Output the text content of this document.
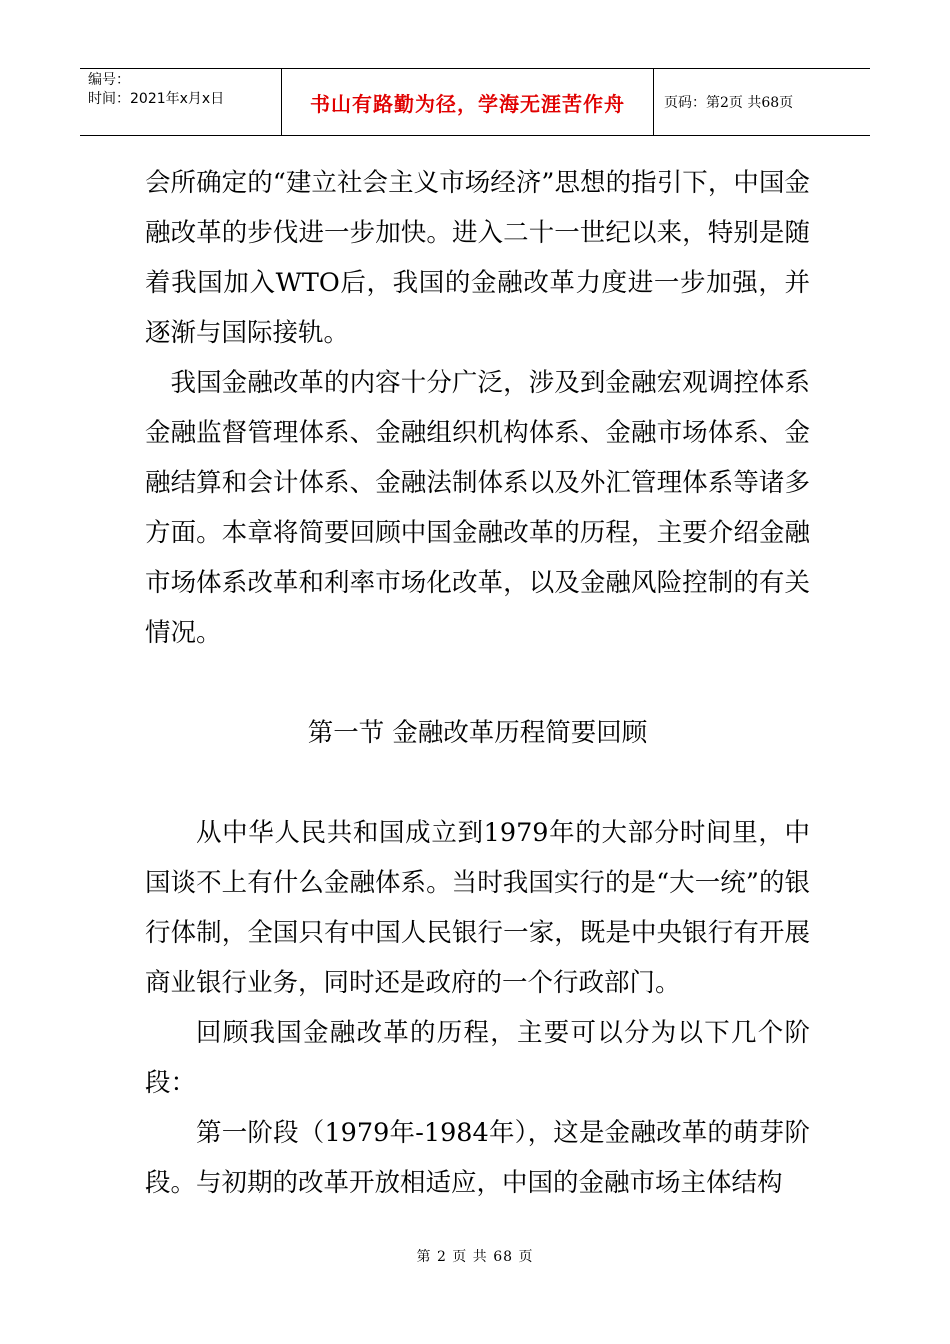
编号：
时间：2021年x月x日	书山有路勤为径，学海无涯苦作舟	页码：第2页 共68页

会所确定的“建立社会主义市场经济”思想的指引下，中国金融改革的步伐进一步加快。进入二十一世纪以来，特别是随着我国加入WTO后，我国的金融改革力度进一步加强，并逐渐与国际接轨。

我国金融改革的内容十分广泛，涉及到金融宏观调控体系金融监督管理体系、金融组织机构体系、金融市场体系、金融结算和会计体系、金融法制体系以及外汇管理体系等诸多方面。本章将简要回顾中国金融改革的历程，主要介绍金融市场体系改革和利率市场化改革，以及金融风险控制的有关情况。

第一节 金融改革历程简要回顾

从中华人民共和国成立到1979年的大部分时间里，中国谈不上有什么金融体系。当时我国实行的是“大一统”的银行体制，全国只有中国人民银行一家，既是中央银行有开展商业银行业务，同时还是政府的一个行政部门。

回顾我国金融改革的历程，主要可以分为以下几个阶段：

第一阶段（1979年-1984年），这是金融改革的萌芽阶段。与初期的改革开放相适应，中国的金融市场主体结构

第 2 页 共 68 页
